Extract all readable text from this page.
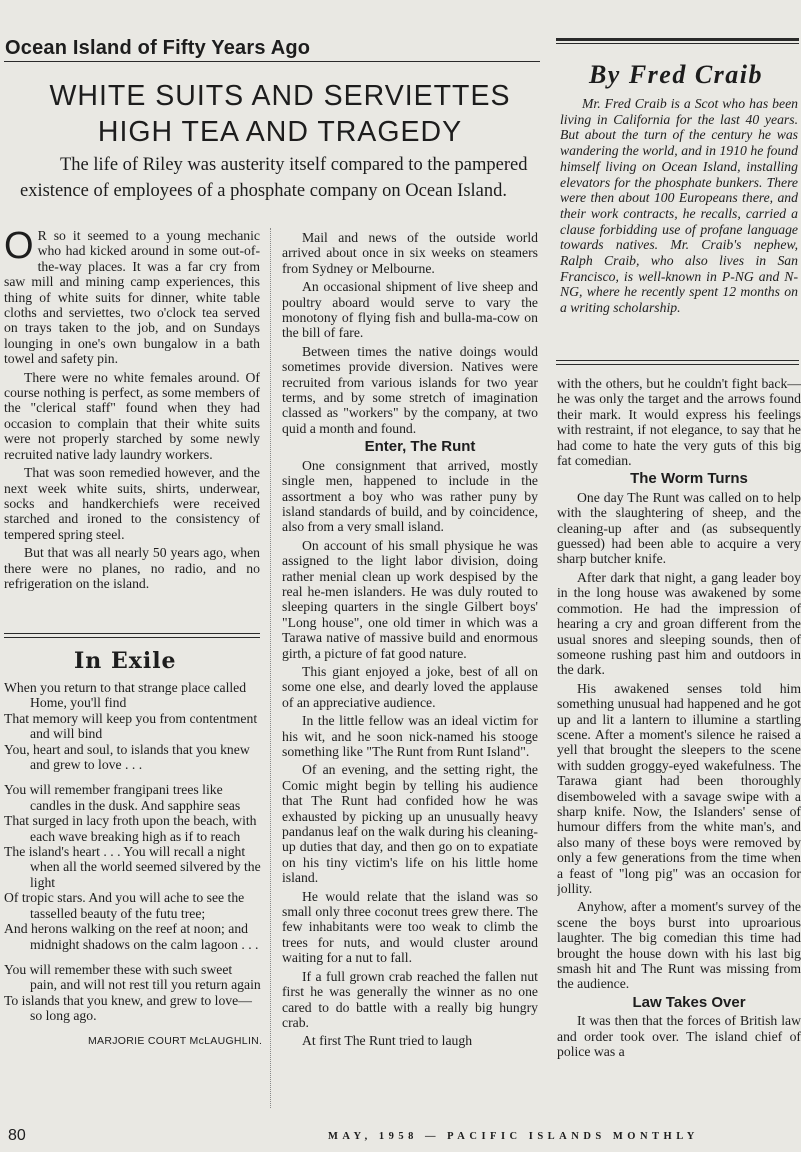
Ocean Island of Fifty Years Ago
WHITE SUITS AND SERVIETTES
HIGH TEA AND TRAGEDY
The life of Riley was austerity itself compared to the pampered existence of employees of a phosphate company on Ocean Island.
By Fred Craib
Mr. Fred Craib is a Scot who has been living in California for the last 40 years. But about the turn of the century he was wandering the world, and in 1910 he found himself living on Ocean Island, installing elevators for the phosphate bunkers. There were then about 100 Europeans there, and their work contracts, he recalls, carried a clause forbidding use of profane language towards natives. Mr. Craib's nephew, Ralph Craib, who also lives in San Francisco, is well-known in P-NG and N-NG, where he recently spent 12 months on a writing scholarship.

O R so it seemed to a young mechanic who had kicked around in some out-of-the-way places. It was a far cry from saw mill and mining camp experiences, this thing of white suits for dinner, white table cloths and serviettes, two o'clock tea served on trays taken to the job, and on Sundays lounging in one's own bungalow in a bath towel and safety pin.

There were no white females around. Of course nothing is perfect, as some members of the "clerical staff" found when they had occasion to complain that their white suits were not properly starched by some newly recruited native lady laundry workers.

That was soon remedied however, and the next week white suits, shirts, underwear, socks and handkerchiefs were received starched and ironed to the consistency of tempered spring steel.

But that was all nearly 50 years ago, when there were no planes, no radio, and no refrigeration on the island.

In Exile
When you return to that strange place called Home, you'll find
That memory will keep you from contentment and will bind
You, heart and soul, to islands that you knew and grew to love . . .
You will remember frangipani trees like candles in the dusk. And sapphire seas
That surged in lacy froth upon the beach, with each wave breaking high as if to reach
The island's heart . . . You will recall a night when all the world seemed silvered by the light
Of tropic stars. And you will ache to see the tasselled beauty of the futu tree;
And herons walking on the reef at noon; and midnight shadows on the calm lagoon . . .
You will remember these with such sweet pain, and will not rest till you return again
To islands that you knew, and grew to love—so long ago.
MARJORIE COURT McLAUGHLIN.

Mail and news of the outside world arrived about once in six weeks on steamers from Sydney or Melbourne.

An occasional shipment of live sheep and poultry aboard would serve to vary the monotony of flying fish and bulla-ma-cow on the bill of fare.

Between times the native doings would sometimes provide diversion. Natives were recruited from various islands for two year terms, and by some stretch of imagination classed as "workers" by the company, at two quid a month and found.

Enter, The Runt

One consignment that arrived, mostly single men, happened to include in the assortment a boy who was rather puny by island standards of build, and by coincidence, also from a very small island.

On account of his small physique he was assigned to the light labor division, doing rather menial clean up work despised by the real he-men islanders. He was duly routed to sleeping quarters in the single Gilbert boys' "Long house", one old timer in which was a Tarawa native of massive build and enormous girth, a picture of fat good nature.

This giant enjoyed a joke, best of all on some one else, and dearly loved the applause of an appreciative audience.

In the little fellow was an ideal victim for his wit, and he soon nick-named his stooge something like "The Runt from Runt Island".

Of an evening, and the setting right, the Comic might begin by telling his audience that The Runt had confided how he was exhausted by picking up an unusually heavy pandanus leaf on the walk during his cleaning-up duties that day, and then go on to expatiate on his tiny victim's life on his little home island.

He would relate that the island was so small only three coconut trees grew there. The few inhabitants were too weak to climb the trees for nuts, and would cluster around waiting for a nut to fall.

If a full grown crab reached the fallen nut first he was generally the winner as no one cared to do battle with a really big hungry crab.

At first The Runt tried to laugh

with the others, but he couldn't fight back—he was only the target and the arrows found their mark. It would express his feelings with restraint, if not elegance, to say that he had come to hate the very guts of this big fat comedian.

The Worm Turns

One day The Runt was called on to help with the slaughtering of sheep, and the cleaning-up after and (as subsequently guessed) had been able to acquire a very sharp butcher knife.

After dark that night, a gang leader boy in the long house was awakened by some commotion. He had the impression of hearing a cry and groan different from the usual snores and sleeping sounds, then of someone rushing past him and outdoors in the dark.

His awakened senses told him something unusual had happened and he got up and lit a lantern to illumine a startling scene. After a moment's silence he raised a yell that brought the sleepers to the scene with sudden groggy-eyed wakefulness. The Tarawa giant had been thoroughly disemboweled with a savage swipe with a sharp knife. Now, the Islanders' sense of humour differs from the white man's, and also many of these boys were removed by only a few generations from the time when a feast of "long pig" was an occasion for jollity.

Anyhow, after a moment's survey of the scene the boys burst into uproarious laughter. The big comedian this time had brought the house down with his last big smash hit and The Runt was missing from the audience.

Law Takes Over

It was then that the forces of British law and order took over. The island chief of police was a

80	MAY, 1958 — PACIFIC ISLANDS MONTHLY
